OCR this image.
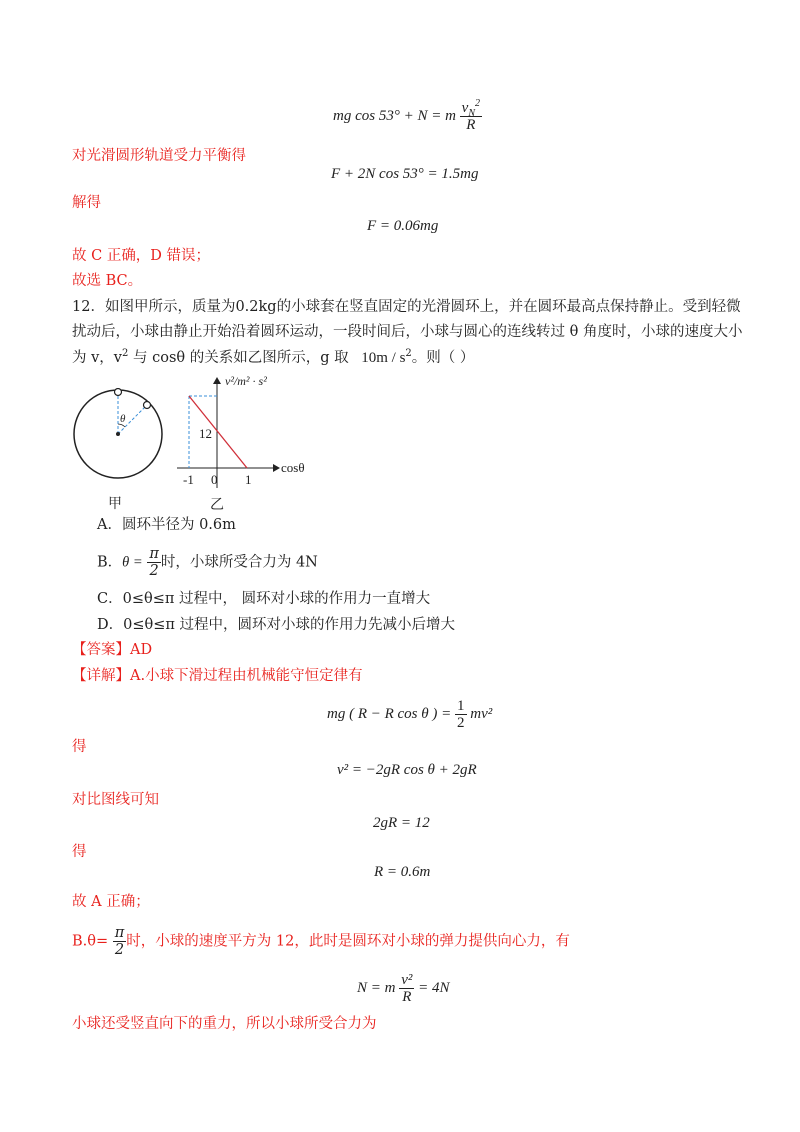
mg cos 53° + N = m $\frac{v_N^2}{R}$
对光滑圆形轨道受力平衡得
F + 2N cos 53° = 1.5mg
解得
F = 0.06mg
故 C 正确，D 错误；
故选 BC。
12．如图甲所示，质量为0.2kg的小球套在竖直固定的光滑圆环上，并在圆环最高点保持静止。受到轻微
扰动后，小球由静止开始沿着圆环运动，一段时间后，小球与圆心的连线转过 θ 角度时，小球的速度大小
为 v，$v^2$ 与 cosθ 的关系如乙图所示，g 取 $10m / s^2$。则（ ）
θ
甲
v²/m² · s²
cosθ
12
-1 0 1
乙
A．圆环半径为 0.6m
B．$\theta = \frac{\pi}{2}$ 时，小球所受合力为 4N
C．0≤θ≤π 过程中， 圆环对小球的作用力一直增大
D．0≤θ≤π 过程中，圆环对小球的作用力先减小后增大
【答案】AD
【详解】A.小球下滑过程由机械能守恒定律有
mg ( R − R cos θ ) = $\frac{1}{2} mv^2$
得
v² = −2gR cos θ + 2gR
对比图线可知
2gR = 12
得
R = 0.6m
故 A 正确；
$B.\theta= \frac{\pi}{2}$ 时，小球的速度平方为 12，此时是圆环对小球的弹力提供向心力，有
N = m $\frac{\text{v²}}{R} = 4N$
小球还受竖直向下的重力，所以小球所受合力为
